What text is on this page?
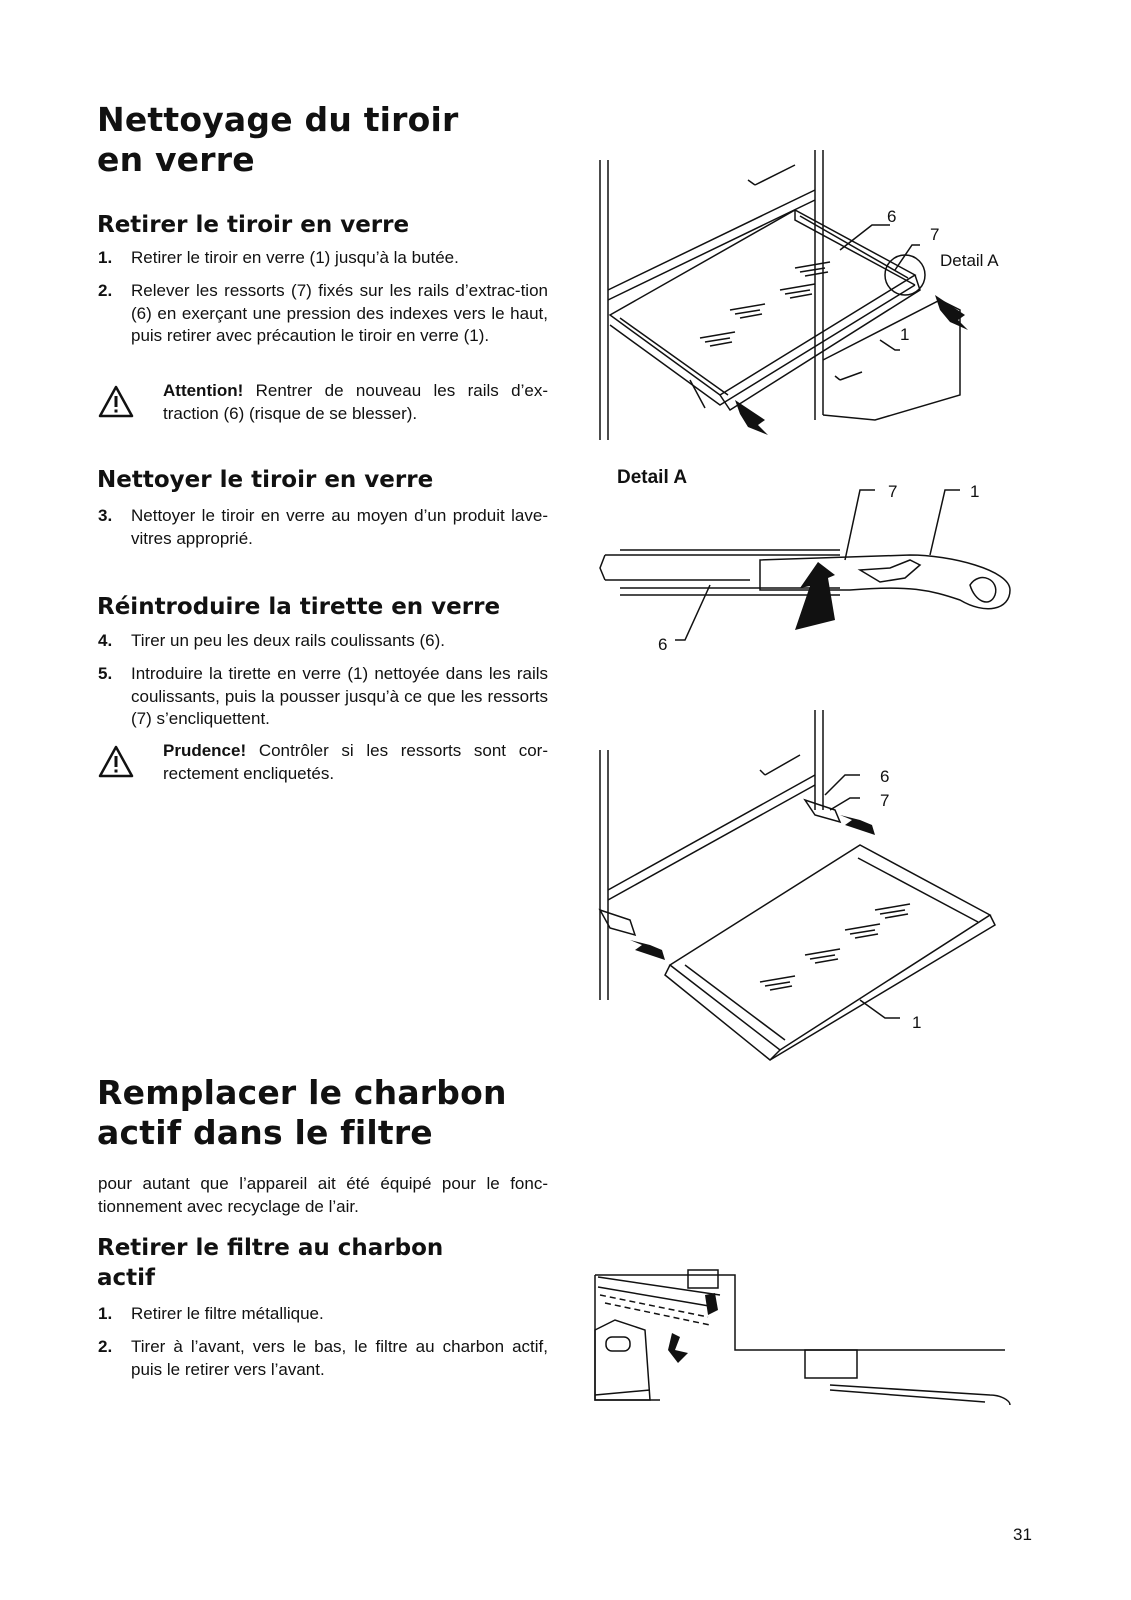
Nettoyage du tiroir
en verre
Retirer le tiroir en verre
1. Retirer le tiroir en verre (1) jusqu’à la butée.
2. Relever les ressorts (7) fixés sur les rails d’extrac-tion (6) en exerçant une pression des indexes vers le haut, puis retirer avec précaution le tiroir en verre (1).
Attention! Rentrer de nouveau les rails d’ex-traction (6) (risque de se blesser).
Nettoyer le tiroir en verre
3. Nettoyer le tiroir en verre au moyen d’un produit lave-vitres approprié.
Réintroduire la tirette en verre
4. Tirer un peu les deux rails coulissants (6).
5. Introduire la tirette en verre (1) nettoyée dans les rails coulissants, puis la pousser jusqu’à ce que les ressorts (7) s’encliquettent.
Prudence! Contrôler si les ressorts sont cor-rectement encliquetés.
Remplacer le charbon
actif dans le filtre
pour autant que l’appareil ait été équipé pour le fonc-tionnement avec recyclage de l’air.
Retirer le filtre au charbon
actif
1. Retirer le filtre métallique.
2. Tirer à l’avant, vers le bas, le filtre au charbon actif, puis le retirer vers l’avant.
6
7
Detail A
1
Detail A
7	1
6
6
7
1
31
